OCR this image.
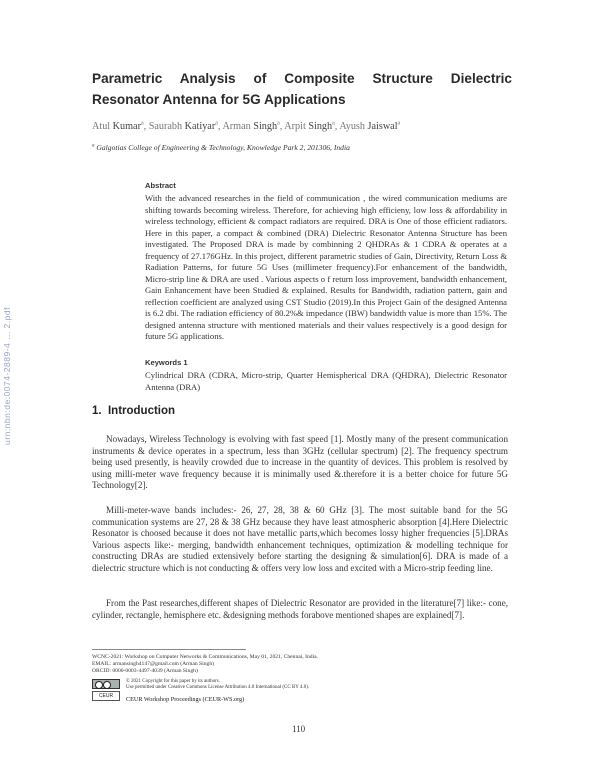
urn:nbn:de:0074-2889-4 ... 2.pdf
Parametric Analysis of Composite Structure Dielectric Resonator Antenna for 5G Applications
Atul Kumar$^a$, Saurabh Katiyar$^a$, Arman Singh$^a$, Arpit Singh$^a$, Ayush Jaiswal$^a$
$^a$ Galgotias College of Engineering & Technology, Knowledge Park 2, 201306, India
Abstract
With the advanced researches in the field of communication , the wired communication mediums are shifting towards becoming wireless. Therefore, for achieving high efficieny, low loss & affordability in wireless technology, efficient & compact radiators are required. DRA is One of those efficient radiators. Here in this paper, a compact & combined (DRA) Dielectric Resonator Antenna Structure has been investigated. The Proposed DRA is made by combinning 2 QHDRAs & 1 CDRA & operates at a frequency of 27.176GHz. In this project, different parametric studies of Gain, Directivity, Return Loss & Radiation Patterns, for future 5G Uses (millimeter frequency).For enhancement of the bandwidth, Micro-strip line & DRA are used . Various aspects o f return loss improvement, bandwidth enhancement, Gain Enhancement have been Studied & explained. Results for Bandwidth, radiation pattern, gain and reflection coefficient are analyzed using CST Studio (2019).In this Project Gain of the designed Antenna is 6.2 dbi. The radiation efficiency of 80.2%& impedance (IBW) bandwidth value is more than 15%. The designed antenna structure with mentioned materials and their values respectively is a good design for future 5G applications.
Keywords 1
Cylindrical DRA (CDRA, Micro-strip, Quarter Hemispherical DRA (QHDRA), Dielectric Resonator Antenna (DRA)
1. Introduction
Nowadays, Wireless Technology is evolving with fast speed [1]. Mostly many of the present communication instruments & device operates in a spectrum, less than 3GHz (cellular spectrum) [2]. The frequency spectrum being used presently, is heavily crowded due to increase in the quantity of devices. This problem is resolved by using milli-meter wave frequency because it is minimally used &.therefore it is a better choice for future 5G Technology[2].
Milli-meter-wave bands includes:- 26, 27, 28, 38 & 60 GHz [3]. The most suitable band for the 5G communication systems are 27, 28 & 38 GHz because they have least atmospheric absorption [4].Here Dielectric Resonator is choosed because it does not have metallic parts,which becomes lossy higher frequencies [5].DRAs Various aspects like:- merging, bandwidth enhancement techniques, optimization & modelling technique for constructing DRAs are studied extensively before starting the designing & simulation[6]. DRA is made of a dielectric structure which is not conducting & offers very low loss and excited with a Micro-strip feeding line.
From the Past researches,different shapes of Dielectric Resonator are provided in the literature[7] like:- cone, cylinder, rectangle, hemisphere etc. &designing methods forabove mentioned shapes are explained[7].
WCNC-2021: Workshop on Computer Networks & Communications, May 01, 2021, Chennai, India.
EMAIL: armansingh4147@gmail.com (Arman Singh)
ORCID: 0000-0003-4497-4039 (Arman Singh)
CEUR
© 2021 Copyright for this paper by its authors.
Use permitted under Creative Commons License Attribution 4.0 International (CC BY 4.0).
CEUR Workshop Proceedings (CEUR-WS.org)
110
